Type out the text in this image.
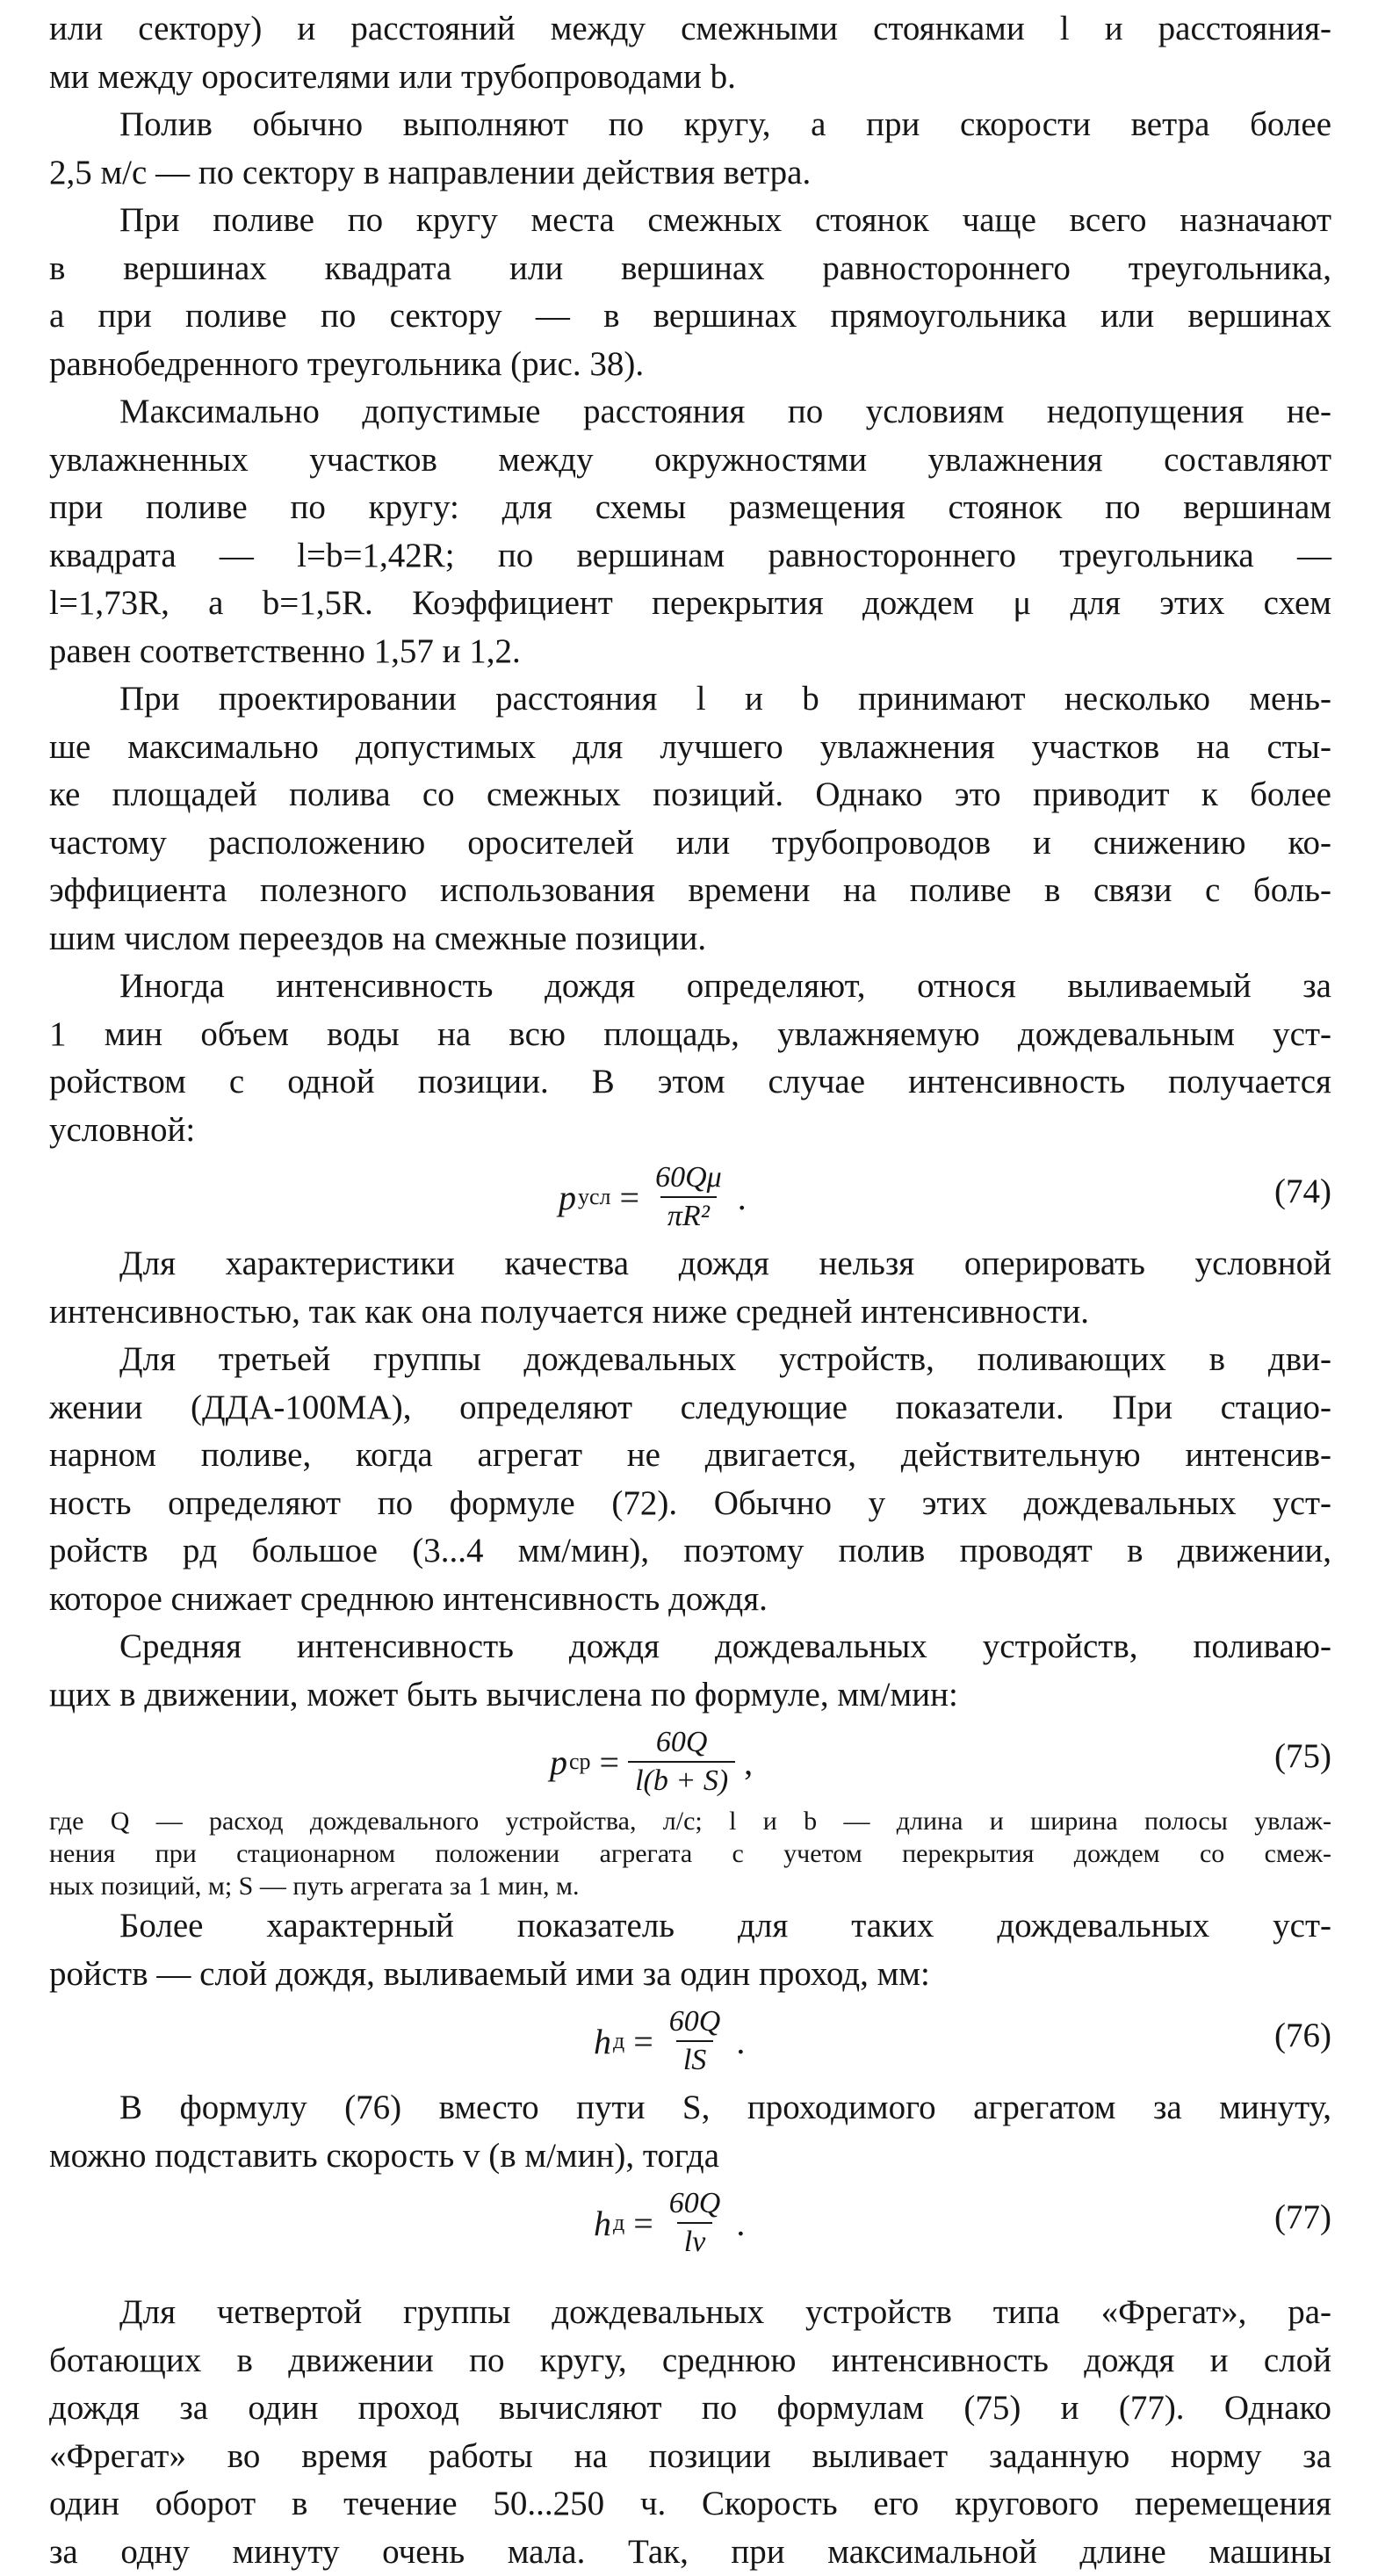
или сектору) и расстояний между смежными стоянками l и расстояния-
ми между оросителями или трубопроводами b.

Полив обычно выполняют по кругу, а при скорости ветра более
2,5 м/с — по сектору в направлении действия ветра.

При поливе по кругу места смежных стоянок чаще всего назначают
в вершинах квадрата или вершинах равностороннего треугольника,
а при поливе по сектору — в вершинах прямоугольника или вершинах
равнобедренного треугольника (рис. 38).

Максимально допустимые расстояния по условиям недопущения не-
увлажненных участков между окружностями увлажнения составляют
при поливе по кругу: для схемы размещения стоянок по вершинам
квадрата — l=b=1,42R; по вершинам равностороннего треугольника —
l=1,73R, а b=1,5R. Коэффициент перекрытия дождем μ для этих схем
равен соответственно 1,57 и 1,2.

При проектировании расстояния l и b принимают несколько мень-
ше максимально допустимых для лучшего увлажнения участков на сты-
ке площадей полива со смежных позиций. Однако это приводит к более
частому расположению оросителей или трубопроводов и снижению ко-
эффициента полезного использования времени на поливе в связи с боль-
шим числом переездов на смежные позиции.

Иногда интенсивность дождя определяют, относя выливаемый за
1 мин объем воды на всю площадь, увлажняемую дождевальным уст-
ройством с одной позиции. В этом случае интенсивность получается
условной:

p усл = $\frac{60Q\mu}{\text{πR²}}$ .	(74)

Для характеристики качества дождя нельзя оперировать условной
интенсивностью, так как она получается ниже средней интенсивности.

Для третьей группы дождевальных устройств, поливающих в дви-
жении (ДДА-100МА), определяют следующие показатели. При стацио-
нарном поливе, когда агрегат не двигается, действительную интенсив-
ность определяют по формуле (72). Обычно у этих дождевальных уст-
ройств pд большое (3...4 мм/мин), поэтому полив проводят в движении,
которое снижает среднюю интенсивность дождя.

Средняя интенсивность дождя дождевальных устройств, поливаю-
щих в движении, может быть вычислена по формуле, мм/мин:

p ср = $\frac{60Q}{l(b + S)}$ ,	(75)

где Q — расход дождевального устройства, л/с; l и b — длина и ширина полосы увлаж-
нения при стационарном положении агрегата с учетом перекрытия дождем со смеж-
ных позиций, м; S — путь агрегата за 1 мин, м.

Более характерный показатель для таких дождевальных уст-
ройств — слой дождя, выливаемый ими за один проход, мм:

h $д = \frac{60Q}{lS}$ .	(76)

В формулу (76) вместо пути S, проходимого агрегатом за минуту,
можно подставить скорость v (в м/мин), тогда

h $д = \frac{60Q}{lv}$ .	(77)

Для четвертой группы дождевальных устройств типа «Фрегат», ра-
ботающих в движении по кругу, среднюю интенсивность дождя и слой
дождя за один проход вычисляют по формулам (75) и (77). Однако
«Фрегат» во время работы на позиции выливает заданную норму за
один оборот в течение 50...250 ч. Скорость его кругового перемещения
за одну минуту очень мала. Так, при максимальной длине машины
